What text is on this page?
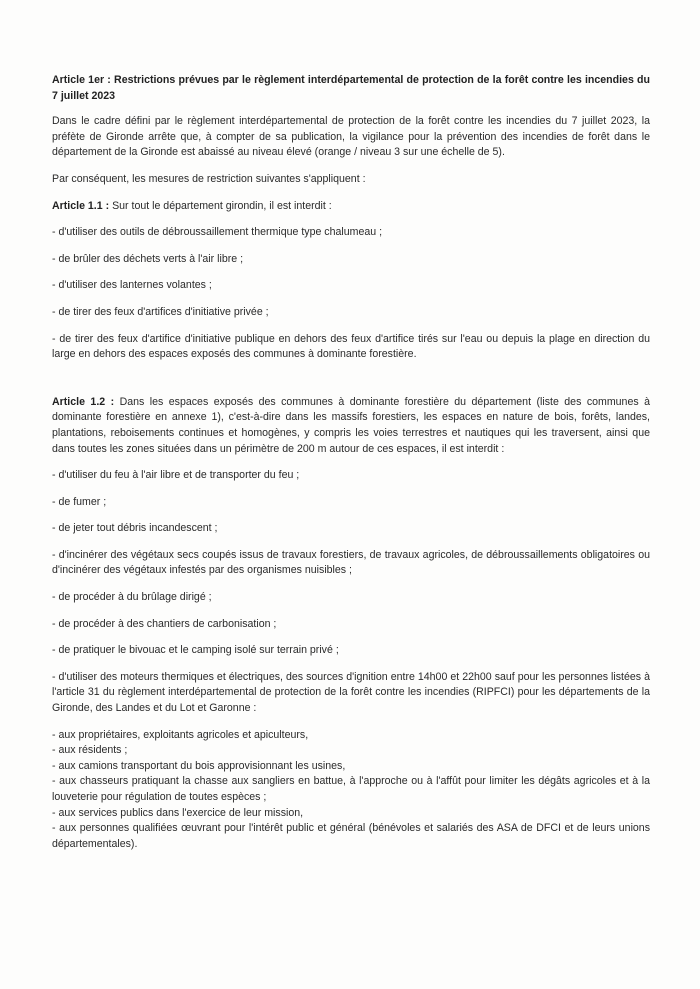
Article 1er : Restrictions prévues par le règlement interdépartemental de protection de la forêt contre les incendies du 7 juillet 2023

Dans le cadre défini par le règlement interdépartemental de protection de la forêt contre les incendies du 7 juillet 2023, la préfète de Gironde arrête que, à compter de sa publication, la vigilance pour la prévention des incendies de forêt dans le département de la Gironde est abaissé au niveau élevé (orange / niveau 3 sur une échelle de 5).

Par conséquent, les mesures de restriction suivantes s'appliquent :

Article 1.1 : Sur tout le département girondin, il est interdit :

- d'utiliser des outils de débroussaillement thermique type chalumeau ;

- de brûler des déchets verts à l'air libre ;

- d'utiliser des lanternes volantes ;

- de tirer des feux d'artifices d'initiative privée ;

- de tirer des feux d'artifice d'initiative publique en dehors des feux d'artifice tirés sur l'eau ou depuis la plage en direction du large en dehors des espaces exposés des communes à dominante forestière.

Article 1.2 : Dans les espaces exposés des communes à dominante forestière du département (liste des communes à dominante forestière en annexe 1), c'est-à-dire dans les massifs forestiers, les espaces en nature de bois, forêts, landes, plantations, reboisements continues et homogènes, y compris les voies terrestres et nautiques qui les traversent, ainsi que dans toutes les zones situées dans un périmètre de 200 m autour de ces espaces, il est interdit :

- d'utiliser du feu à l'air libre et de transporter du feu ;

- de fumer ;

- de jeter tout débris incandescent ;

- d'incinérer des végétaux secs coupés issus de travaux forestiers, de travaux agricoles, de débroussaillements obligatoires ou d'incinérer des végétaux infestés par des organismes nuisibles ;

- de procéder à du brûlage dirigé ;

- de procéder à des chantiers de carbonisation ;

- de pratiquer le bivouac et le camping isolé sur terrain privé ;

- d'utiliser des moteurs thermiques et électriques, des sources d'ignition entre 14h00 et 22h00 sauf pour les personnes listées à l'article 31 du règlement interdépartemental de protection de la forêt contre les incendies (RIPFCI) pour les départements de la Gironde, des Landes et du Lot et Garonne :

- aux propriétaires, exploitants agricoles et apiculteurs,

- aux résidents ;

- aux camions transportant du bois approvisionnant les usines,

- aux chasseurs pratiquant la chasse aux sangliers en battue, à l'approche ou à l'affût pour limiter les dégâts agricoles et à la louveterie pour régulation de toutes espèces ;

- aux services publics dans l'exercice de leur mission,

- aux personnes qualifiées œuvrant pour l'intérêt public et général (bénévoles et salariés des ASA de DFCI et de leurs unions départementales).
